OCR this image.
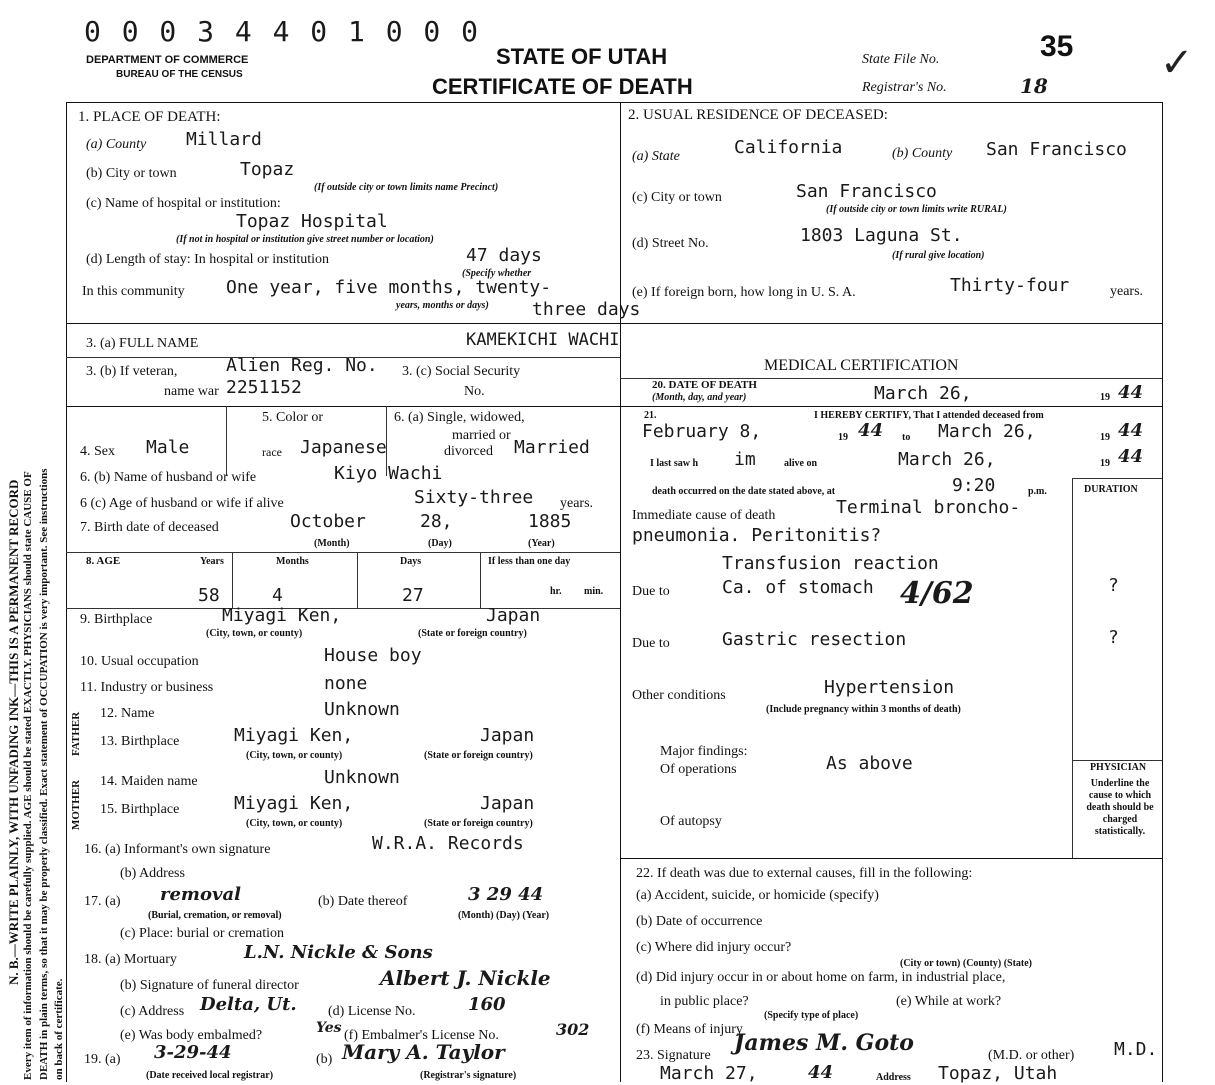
0 0 0 3 4 4 0 1 0 0 0
DEPARTMENT OF COMMERCE
BUREAU OF THE CENSUS
STATE OF UTAH
CERTIFICATE OF DEATH
State File No.	35
Registrar's No.	18	✓
N. B.—WRITE PLAINLY, WITH UNFADING INK—THIS IS A PERMANENT RECORD Every item of information should be carefully supplied. AGE should be stated EXACTLY. PHYSICIANS should state CAUSE OF DEATH in plain terms, so that it may be properly classified. Exact statement of OCCUPATION is very important. See instructions on back of certificate.
1. PLACE OF DEATH:
(a) County Millard
(b) City or town	Topaz
(If outside city or town limits name Precinct)
(c) Name of hospital or institution:
Topaz Hospital
(If not in hospital or institution give street number or location)
(d) Length of stay: In hospital or institution	47 days
(Specify whether
In this community One year, five months, twenty-
years, months or days) three days
2. USUAL RESIDENCE OF DECEASED:
(a) State	California	(b) County San Francisco
(c) City or town	San Francisco
(If outside city or town limits write RURAL)
(d) Street No.	1803 Laguna St.
(If rural give location)
(e) If foreign born, how long in U. S. A.	Thirty-four	years.
3. (a) FULL NAME	KAMEKICHI WACHI
3. (b) If veteran,	Alien Reg. No.
name war 2251152
3. (c) Social Security
No.
4. Sex Male
5. Color or
race Japanese
6. (a) Single, widowed,
married or
divorced Married
6. (b) Name of husband or wife	Kiyo Wachi
6 (c) Age of husband or wife if alive	Sixty-three years.
7. Birth date of deceased	October	28,	1885
(Month)	(Day)	(Year)
8. AGE	Years	Months	Days	If less than one day
58	4	27	hr. min.
9. Birthplace	Miyagi Ken,	Japan
(City, town, or county)	(State or foreign country)
10. Usual occupation	House boy
11. Industry or business	none
FATHER
MOTHER
12. Name	Unknown
13. Birthplace	Miyagi Ken,	Japan
(City, town, or county)	(State or foreign country)
14. Maiden name	Unknown
15. Birthplace	Miyagi Ken,	Japan
(City, town, or county)	(State or foreign country)
16. (a) Informant's own signature	W.R.A. Records
(b) Address
17. (a) removal	(b) Date thereof	3 29 44
(Burial, cremation, or removal)	(Month) (Day) (Year)
(c) Place: burial or cremation
18. (a) Mortuary	L.N. Nickle & Sons
(b) Signature of funeral director	Albert J. Nickle
(c) Address Delta, Ut. (d) License No.	160
(e) Was body embalmed?	Yes (f) Embalmer's License No.	302
19. (a) 3-29-44	(b) Mary A. Taylor
(Date received local registrar)	(Registrar's signature)
MEDICAL CERTIFICATION
20. DATE OF DEATH
(Month, day, and year)	March 26,	19 44
21.	I HEREBY CERTIFY, That I attended deceased from
February 8,	19 44 to March 26,	19 44
I last saw h im	alive on	March 26,	19 44
death occurred on the date stated above, at	9:20	p.m.	DURATION
Immediate cause of death	Terminal broncho-
pneumonia. Peritonitis?
Transfusion reaction
Due to	Ca. of stomach 4/62	?
Due to	Gastric resection	?
Other conditions	Hypertension
(Include pregnancy within 3 months of death)
Major findings:
Of operations	As above
Of autopsy
PHYSICIAN
Underline the cause to which death should be charged statistically.
22. If death was due to external causes, fill in the following:
(a) Accident, suicide, or homicide (specify)
(b) Date of occurrence
(c) Where did injury occur?
(City or town) (County) (State)
(d) Did injury occur in or about home on farm, in industrial place,
in public place?	(e) While at work?
(Specify type of place)
(f) Means of injury
23. Signature James M. Goto	(M.D. or other) M.D.
March 27,	44	Address Topaz, Utah
